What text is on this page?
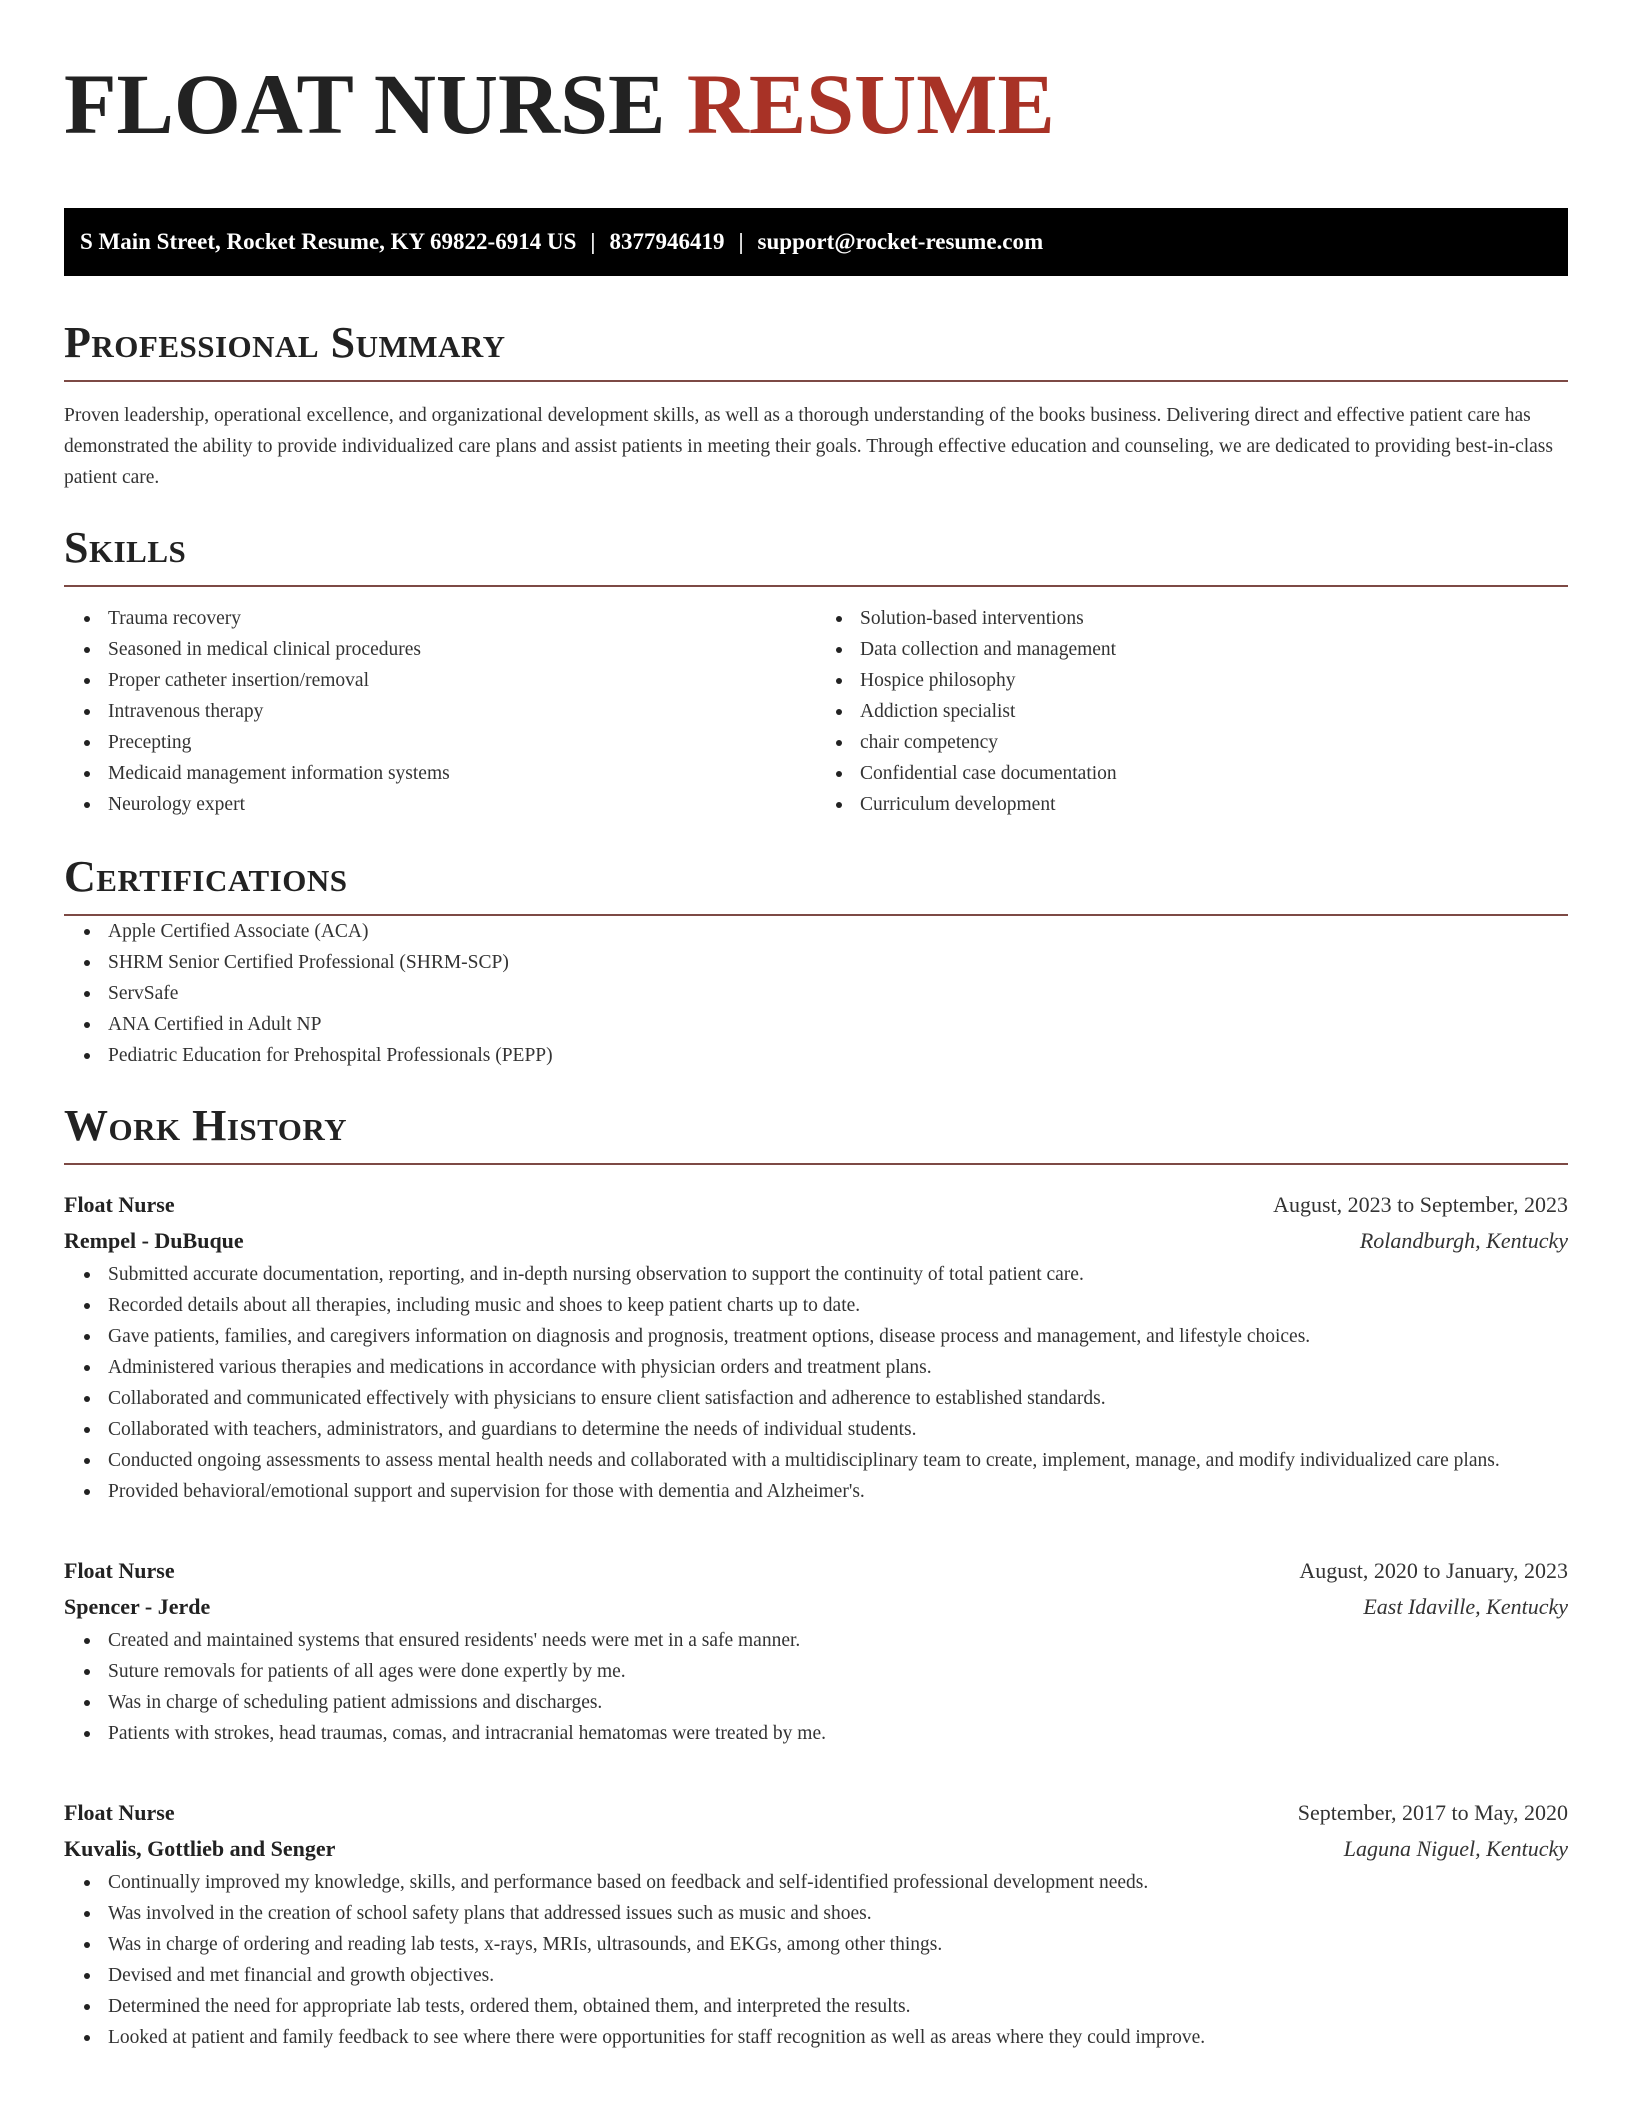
FLOAT NURSE RESUME
S Main Street, Rocket Resume, KY 69822-6914 US | 8377946419 | support@rocket-resume.com
Professional Summary

Proven leadership, operational excellence, and organizational development skills, as well as a thorough understanding of the books business. Delivering direct and effective patient care has demonstrated the ability to provide individualized care plans and assist patients in meeting their goals. Through effective education and counseling, we are dedicated to providing best-in-class patient care.

Skills
Trauma recovery
Seasoned in medical clinical procedures
Proper catheter insertion/removal
Intravenous therapy
Precepting
Medicaid management information systems
Neurology expert
Solution-based interventions
Data collection and management
Hospice philosophy
Addiction specialist
chair competency
Confidential case documentation
Curriculum development
Certifications
Apple Certified Associate (ACA)
SHRM Senior Certified Professional (SHRM-SCP)
ServSafe
ANA Certified in Adult NP
Pediatric Education for Prehospital Professionals (PEPP)
Work History
Float Nurse	August, 2023 to September, 2023
Rempel - DuBuque	Rolandburgh, Kentucky
Submitted accurate documentation, reporting, and in-depth nursing observation to support the continuity of total patient care.
Recorded details about all therapies, including music and shoes to keep patient charts up to date.
Gave patients, families, and caregivers information on diagnosis and prognosis, treatment options, disease process and management, and lifestyle choices.
Administered various therapies and medications in accordance with physician orders and treatment plans.
Collaborated and communicated effectively with physicians to ensure client satisfaction and adherence to established standards.
Collaborated with teachers, administrators, and guardians to determine the needs of individual students.
Conducted ongoing assessments to assess mental health needs and collaborated with a multidisciplinary team to create, implement, manage, and modify individualized care plans.
Provided behavioral/emotional support and supervision for those with dementia and Alzheimer's.
Float Nurse	August, 2020 to January, 2023
Spencer - Jerde	East Idaville, Kentucky
Created and maintained systems that ensured residents' needs were met in a safe manner.
Suture removals for patients of all ages were done expertly by me.
Was in charge of scheduling patient admissions and discharges.
Patients with strokes, head traumas, comas, and intracranial hematomas were treated by me.
Float Nurse	September, 2017 to May, 2020
Kuvalis, Gottlieb and Senger	Laguna Niguel, Kentucky
Continually improved my knowledge, skills, and performance based on feedback and self-identified professional development needs.
Was involved in the creation of school safety plans that addressed issues such as music and shoes.
Was in charge of ordering and reading lab tests, x-rays, MRIs, ultrasounds, and EKGs, among other things.
Devised and met financial and growth objectives.
Determined the need for appropriate lab tests, ordered them, obtained them, and interpreted the results.
Looked at patient and family feedback to see where there were opportunities for staff recognition as well as areas where they could improve.
